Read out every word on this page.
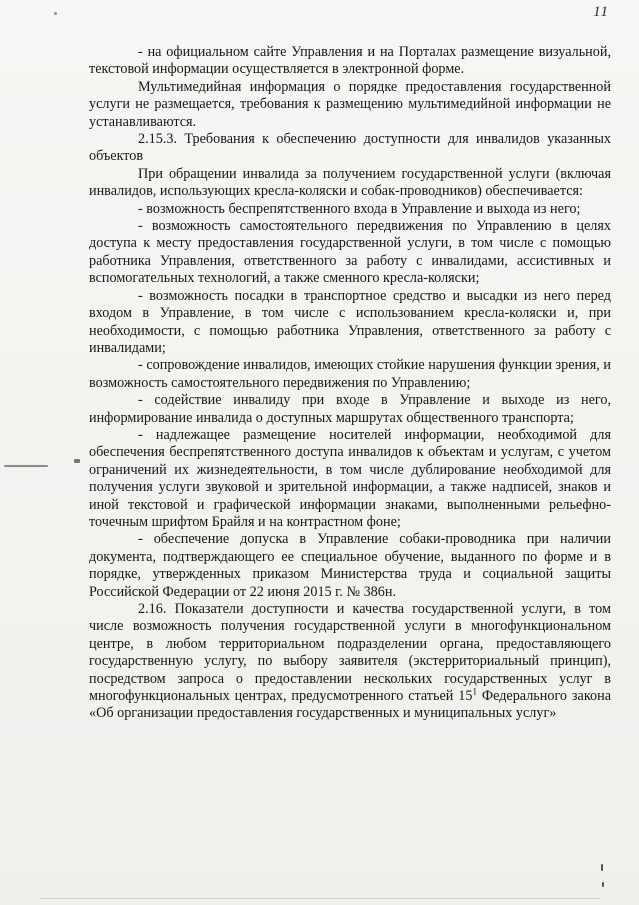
11

- на официальном сайте Управления и на Порталах размещение визуальной, текстовой информации осуществляется в электронной форме.

Мультимедийная информация о порядке предоставления государственной услуги не размещается, требования к размещению мультимедийной информации не устанавливаются.

2.15.3. Требования к обеспечению доступности для инвалидов указанных объектов

При обращении инвалида за получением государственной услуги (включая инвалидов, использующих кресла-коляски и собак-проводников) обеспечивается:

- возможность беспрепятственного входа в Управление и выхода из него;

- возможность самостоятельного передвижения по Управлению в целях доступа к месту предоставления государственной услуги, в том числе с помощью работника Управления, ответственного за работу с инвалидами, ассистивных и вспомогательных технологий, а также сменного кресла-коляски;

- возможность посадки в транспортное средство и высадки из него перед входом в Управление, в том числе с использованием кресла-коляски и, при необходимости, с помощью работника Управления, ответственного за работу с инвалидами;

- сопровождение инвалидов, имеющих стойкие нарушения функции зрения, и возможность самостоятельного передвижения по Управлению;

- содействие инвалиду при входе в Управление и выходе из него, информирование инвалида о доступных маршрутах общественного транспорта;

- надлежащее размещение носителей информации, необходимой для обеспечения беспрепятственного доступа инвалидов к объектам и услугам, с учетом ограничений их жизнедеятельности, в том числе дублирование необходимой для получения услуги звуковой и зрительной информации, а также надписей, знаков и иной текстовой и графической информации знаками, выполненными рельефно-точечным шрифтом Брайля и на контрастном фоне;

- обеспечение допуска в Управление собаки-проводника при наличии документа, подтверждающего ее специальное обучение, выданного по форме и в порядке, утвержденных приказом Министерства труда и социальной защиты Российской Федерации от 22 июня 2015 г. № 386н.

2.16. Показатели доступности и качества государственной услуги, в том числе возможность получения государственной услуги в многофункциональном центре, в любом территориальном подразделении органа, предоставляющего государственную услугу, по выбору заявителя (экстерриториальный принцип), посредством запроса о предоставлении нескольких государственных услуг в многофункциональных центрах, предусмотренного статьей $15^1$ Федерального закона «Об организации предоставления государственных и муниципальных услуг»
